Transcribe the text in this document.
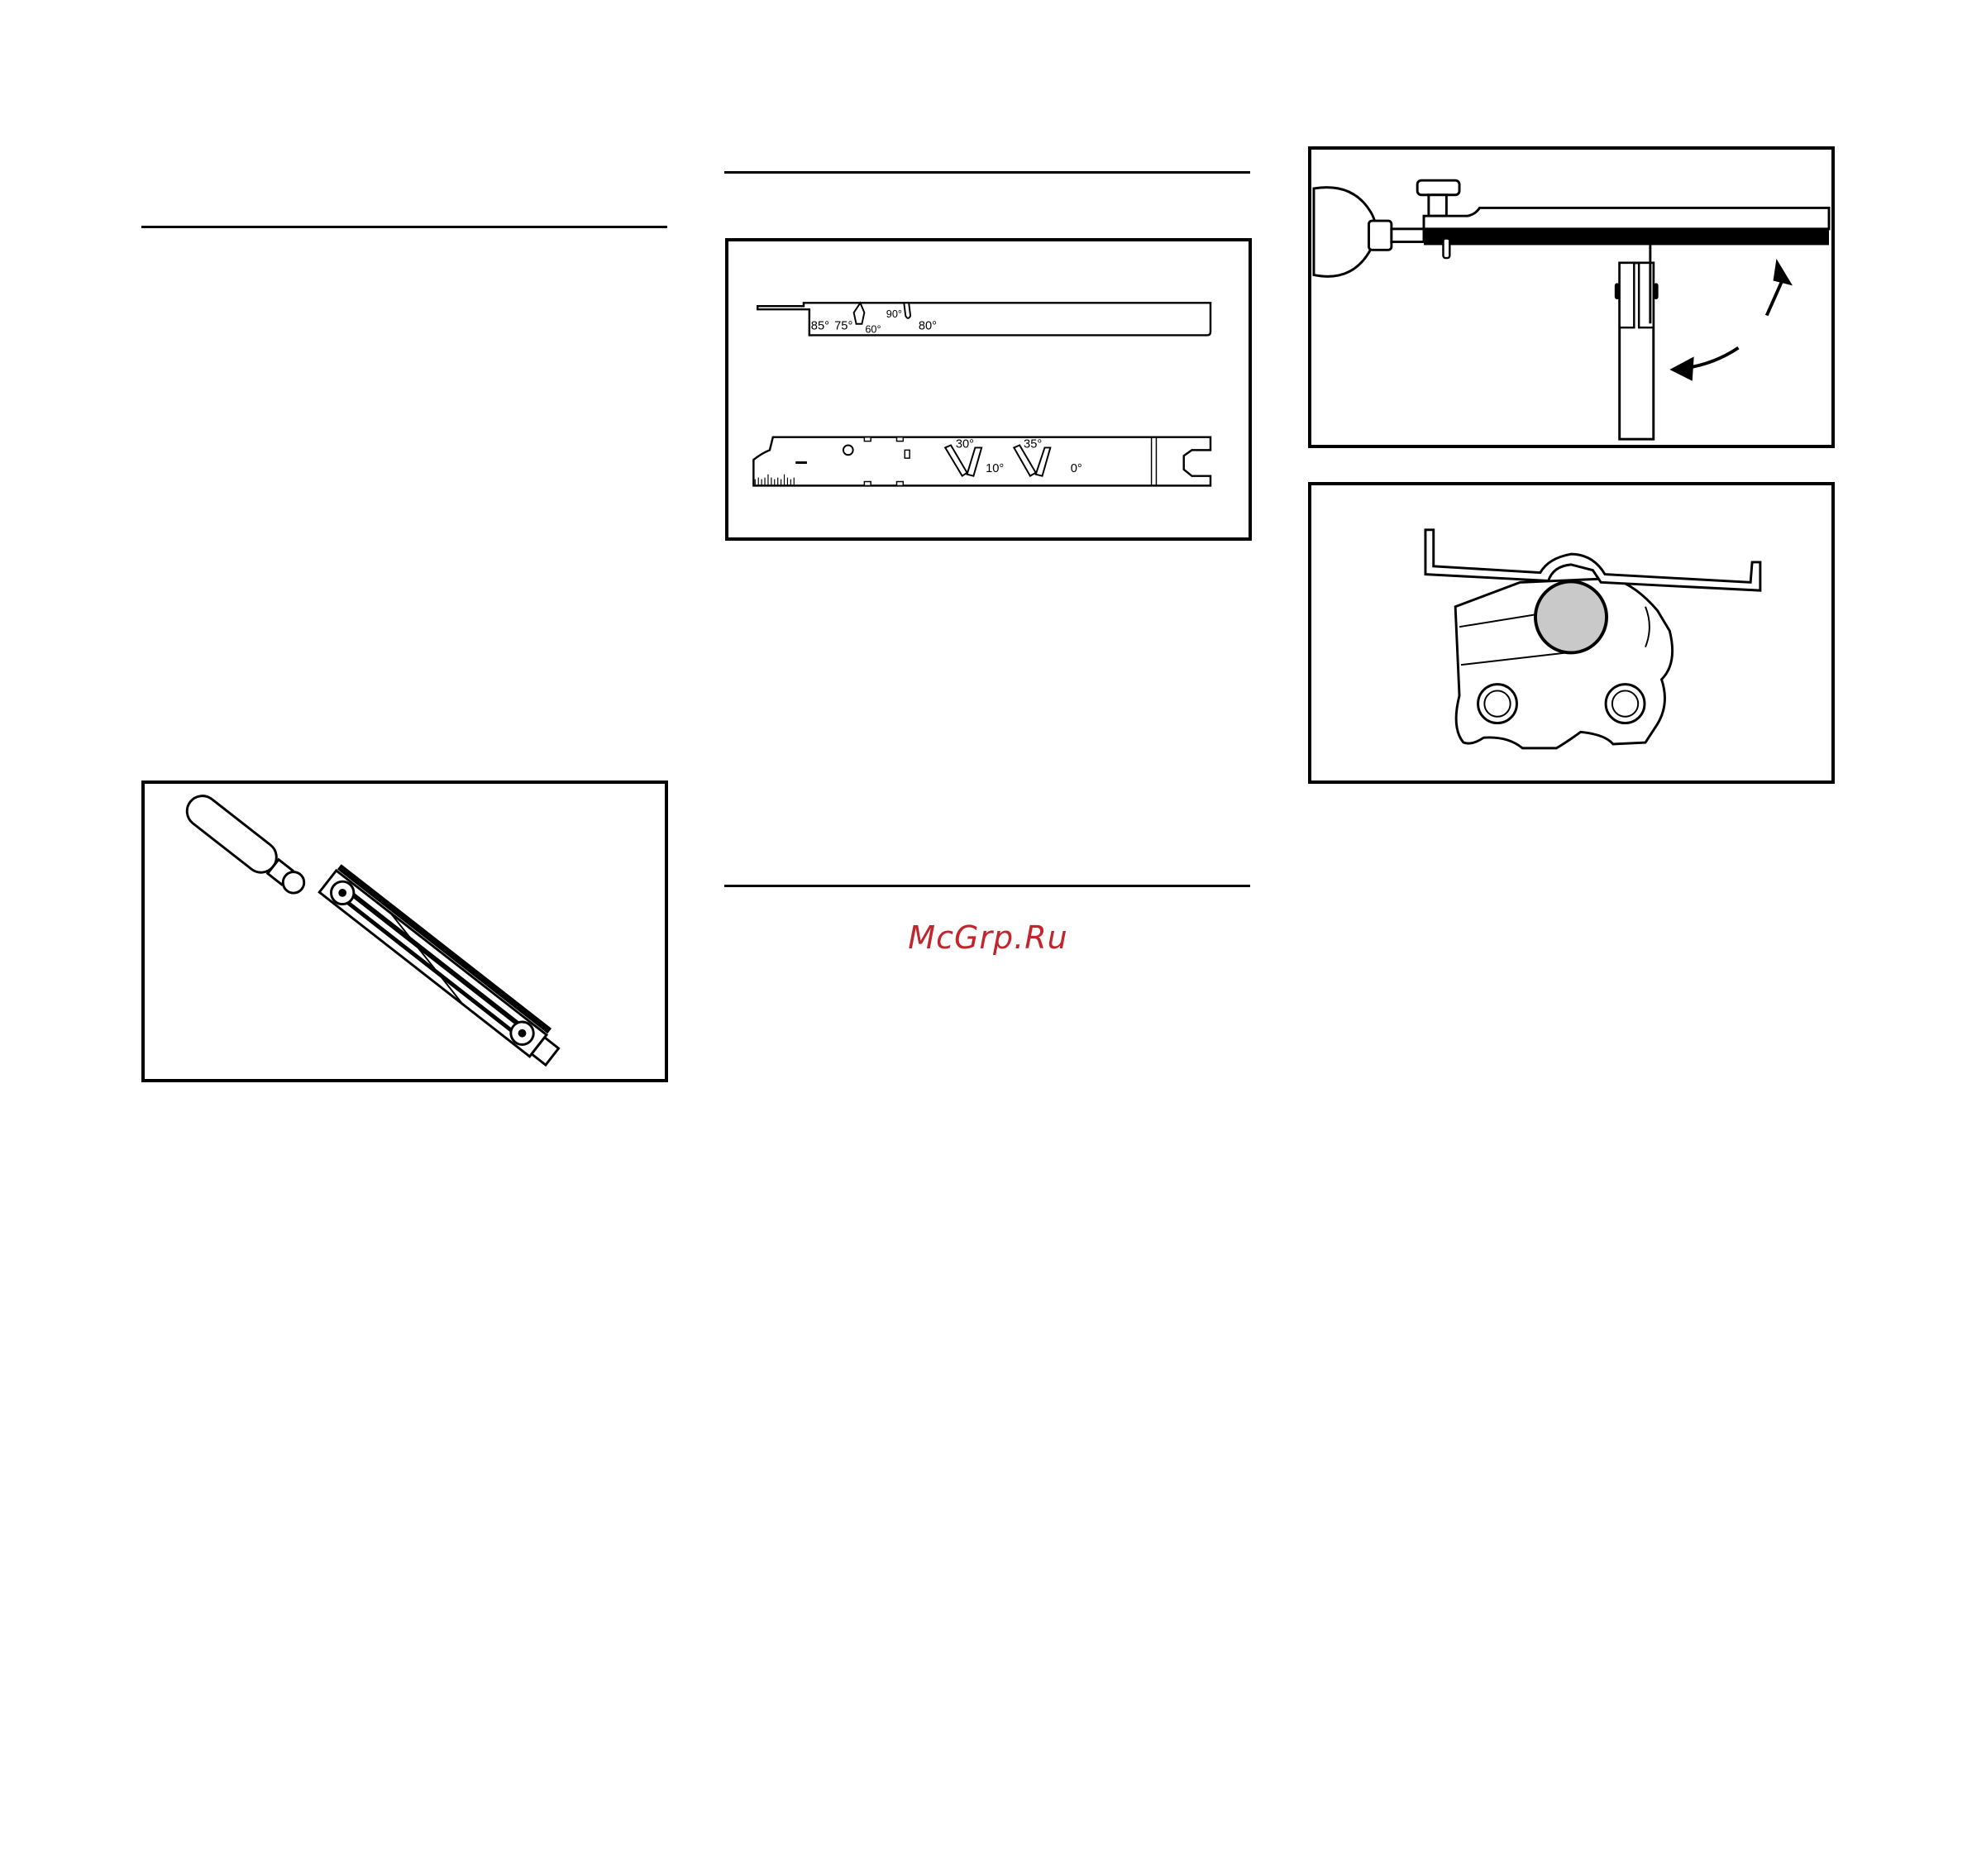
85° 75° 60°
90°
80°
30°
10°
35°
0°
McGrp.Ru
